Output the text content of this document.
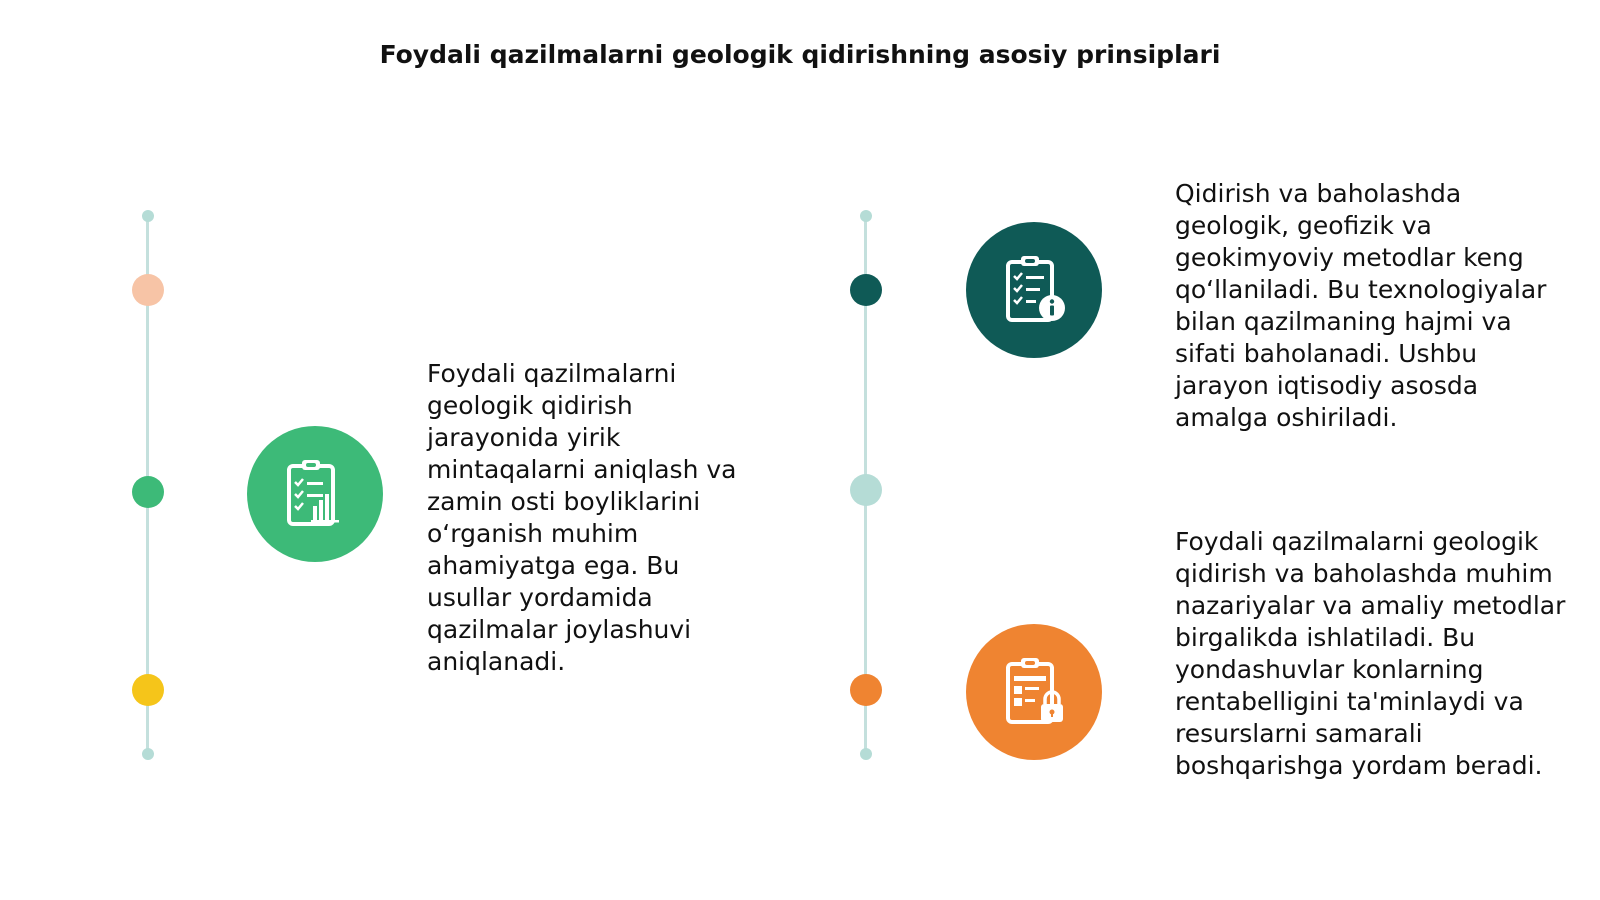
Foydali qazilmalarni geologik qidirishning asosiy prinsiplari
Foydali qazilmalarni geologik qidirish jarayonida yirik mintaqalarni aniqlash va zamin osti boyliklarini o‘rganish muhim ahamiyatga ega. Bu usullar yordamida qazilmalar joylashuvi aniqlanadi.
Qidirish va baholashda geologik, geofizik va geokimyoviy metodlar keng qo‘llaniladi. Bu texnologiyalar bilan qazilmaning hajmi va sifati baholanadi. Ushbu jarayon iqtisodiy asosda amalga oshiriladi.
Foydali qazilmalarni geologik qidirish va baholashda muhim nazariyalar va amaliy metodlar birgalikda ishlatiladi. Bu yondashuvlar konlarning rentabelligini ta'minlaydi va resurslarni samarali boshqarishga yordam beradi.
